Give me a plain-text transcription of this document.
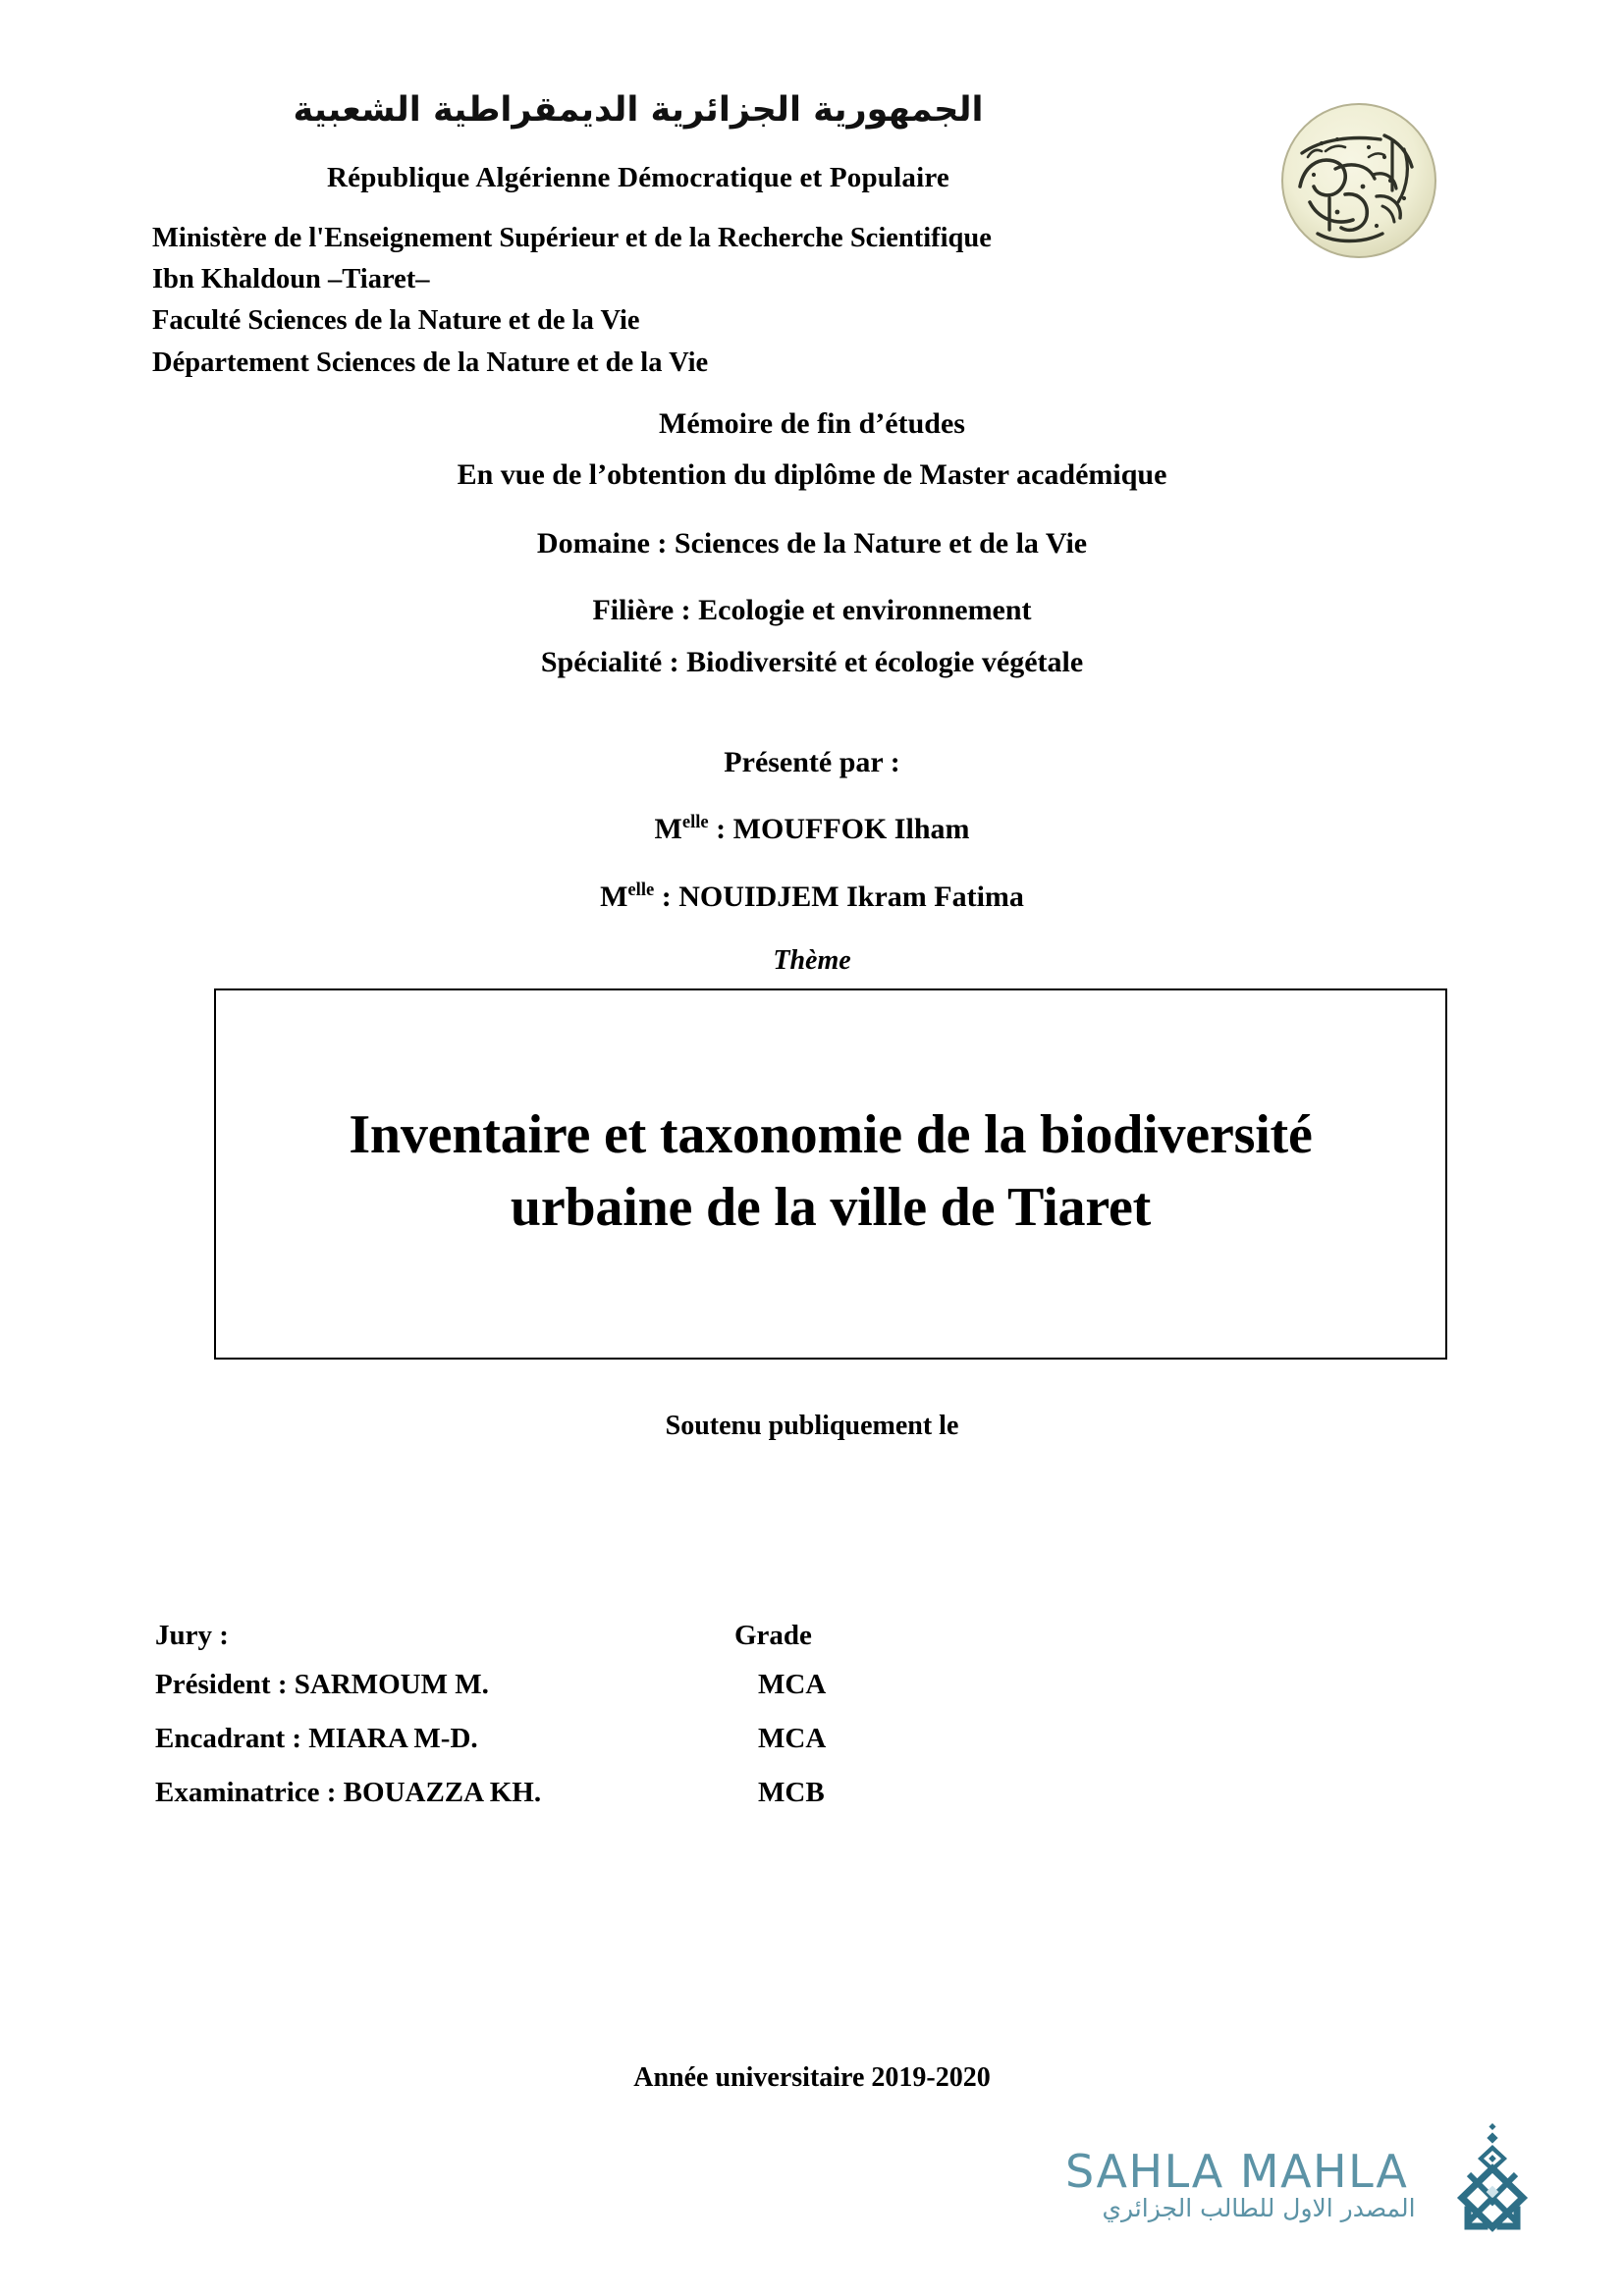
الجمهورية الجزائرية الديمقراطية الشعبية
République Algérienne Démocratique et Populaire
Ministère de l'Enseignement Supérieur et de la Recherche Scientifique
Ibn Khaldoun –Tiaret–
Faculté Sciences de la Nature et de la Vie
Département Sciences de la Nature et de la Vie
Mémoire de fin d’études
En vue de l’obtention du diplôme de Master académique
Domaine : Sciences de la Nature et de la Vie
Filière : Ecologie et environnement
Spécialité : Biodiversité et écologie végétale
Présenté par :
$M^{elle}$ : MOUFFOK Ilham
$M^{elle}$ : NOUIDJEM Ikram Fatima
Thème
Inventaire et taxonomie de la biodiversité urbaine de la ville de Tiaret
Soutenu publiquement le
Jury :	Grade
Président : SARMOUM M.	MCA
Encadrant : MIARA M-D.	MCA
Examinatrice : BOUAZZA KH.	MCB
Année universitaire 2019-2020
SAHLA MAHLA
المصدر الاول للطالب الجزائري
